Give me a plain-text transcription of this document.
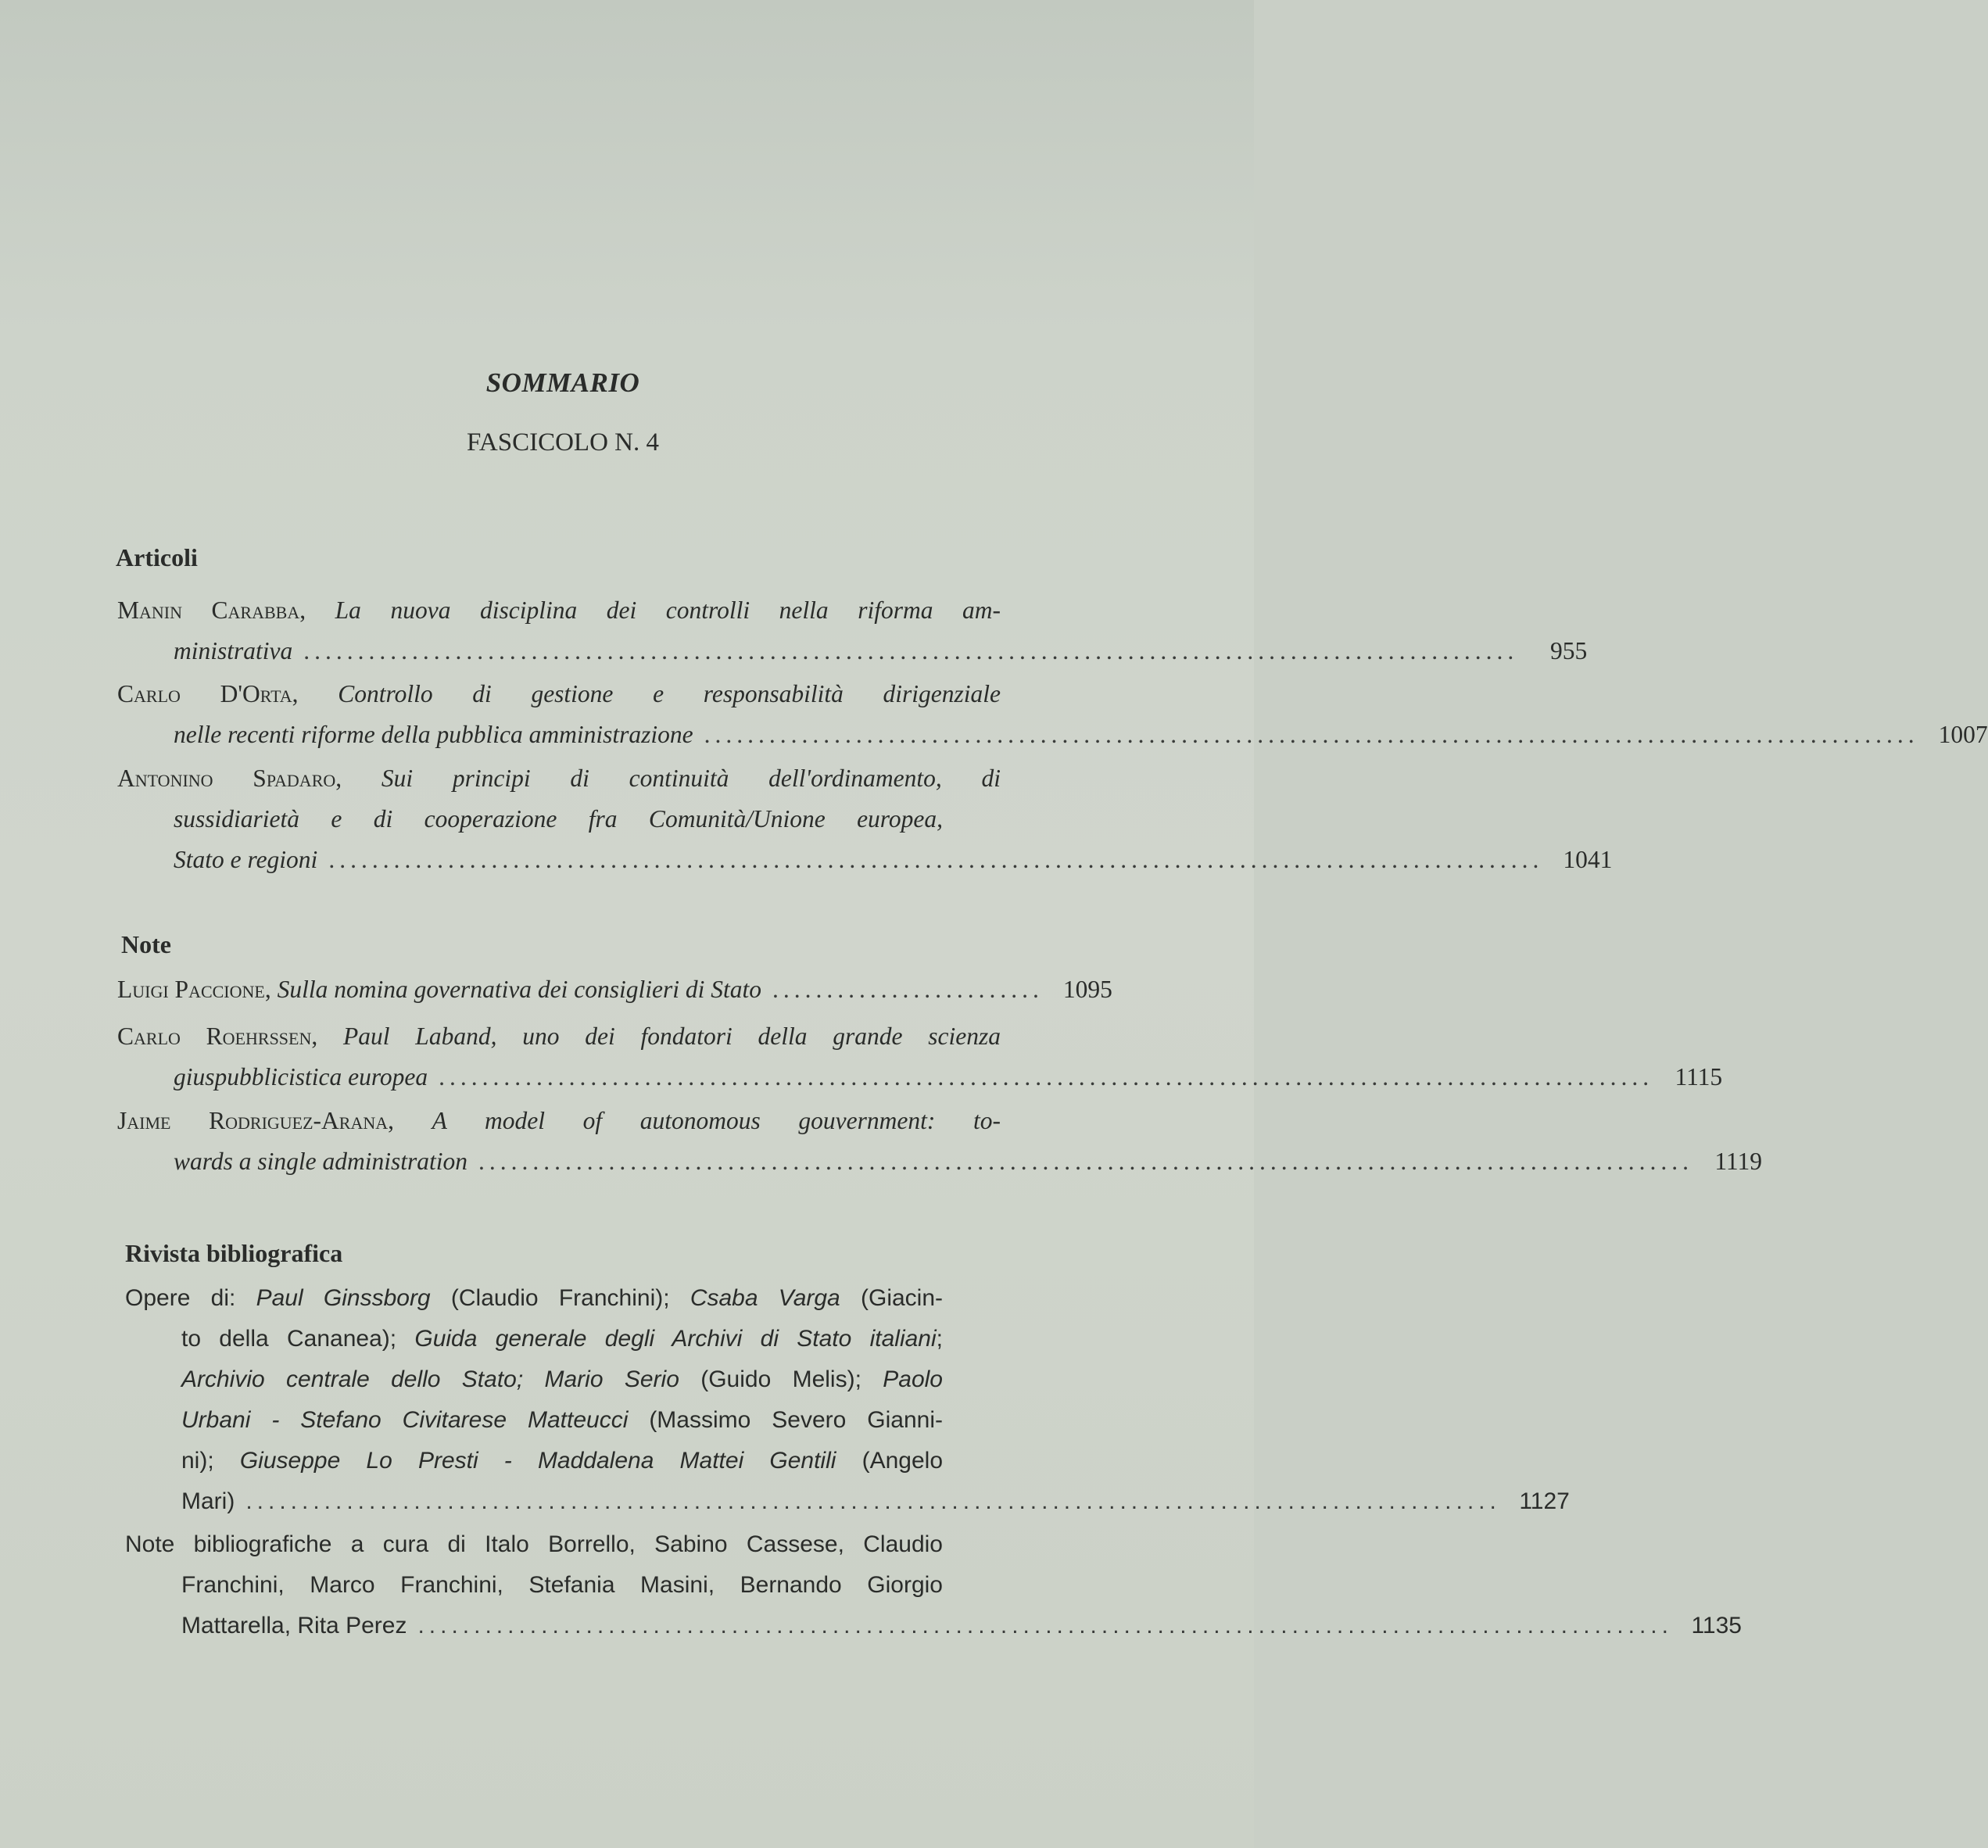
SOMMARIO
FASCICOLO N. 4
Articoli
Manin Carabba, La nuova disciplina dei controlli nella riforma am-
ministrativa ................................................................................................................	955
Carlo D'Orta, Controllo di gestione e responsabilità dirigenziale
nelle recenti riforme della pubblica amministrazione ................................................................................................................ 1007
Antonino Spadaro, Sui principi di continuità dell'ordinamento, di
sussidiarietà e di cooperazione fra Comunità/Unione europea,
Stato e regioni ................................................................................................................ 1041
Note
Luigi Paccione, Sulla nomina governativa dei consiglieri di Stato ......................... 1095
Carlo Roehrssen, Paul Laband, uno dei fondatori della grande scienza
giuspubblicistica europea ................................................................................................................ 1115
Jaime Rodriguez-Arana, A model of autonomous gouvernment: to-
wards a single administration ................................................................................................................ 1119
Rivista bibliografica
Opere di: Paul Ginssborg (Claudio Franchini); Csaba Varga (Giacin-
to della Cananea); Guida generale degli Archivi di Stato italiani;
Archivio centrale dello Stato; Mario Serio (Guido Melis); Paolo
Urbani - Stefano Civitarese Matteucci (Massimo Severo Gianni-
ni); Giuseppe Lo Presti - Maddalena Mattei Gentili (Angelo
Mari) ................................................................................................................ 1127
Note bibliografiche a cura di Italo Borrello, Sabino Cassese, Claudio
Franchini, Marco Franchini, Stefania Masini, Bernando Giorgio
Mattarella, Rita Perez ................................................................................................................ 1135
